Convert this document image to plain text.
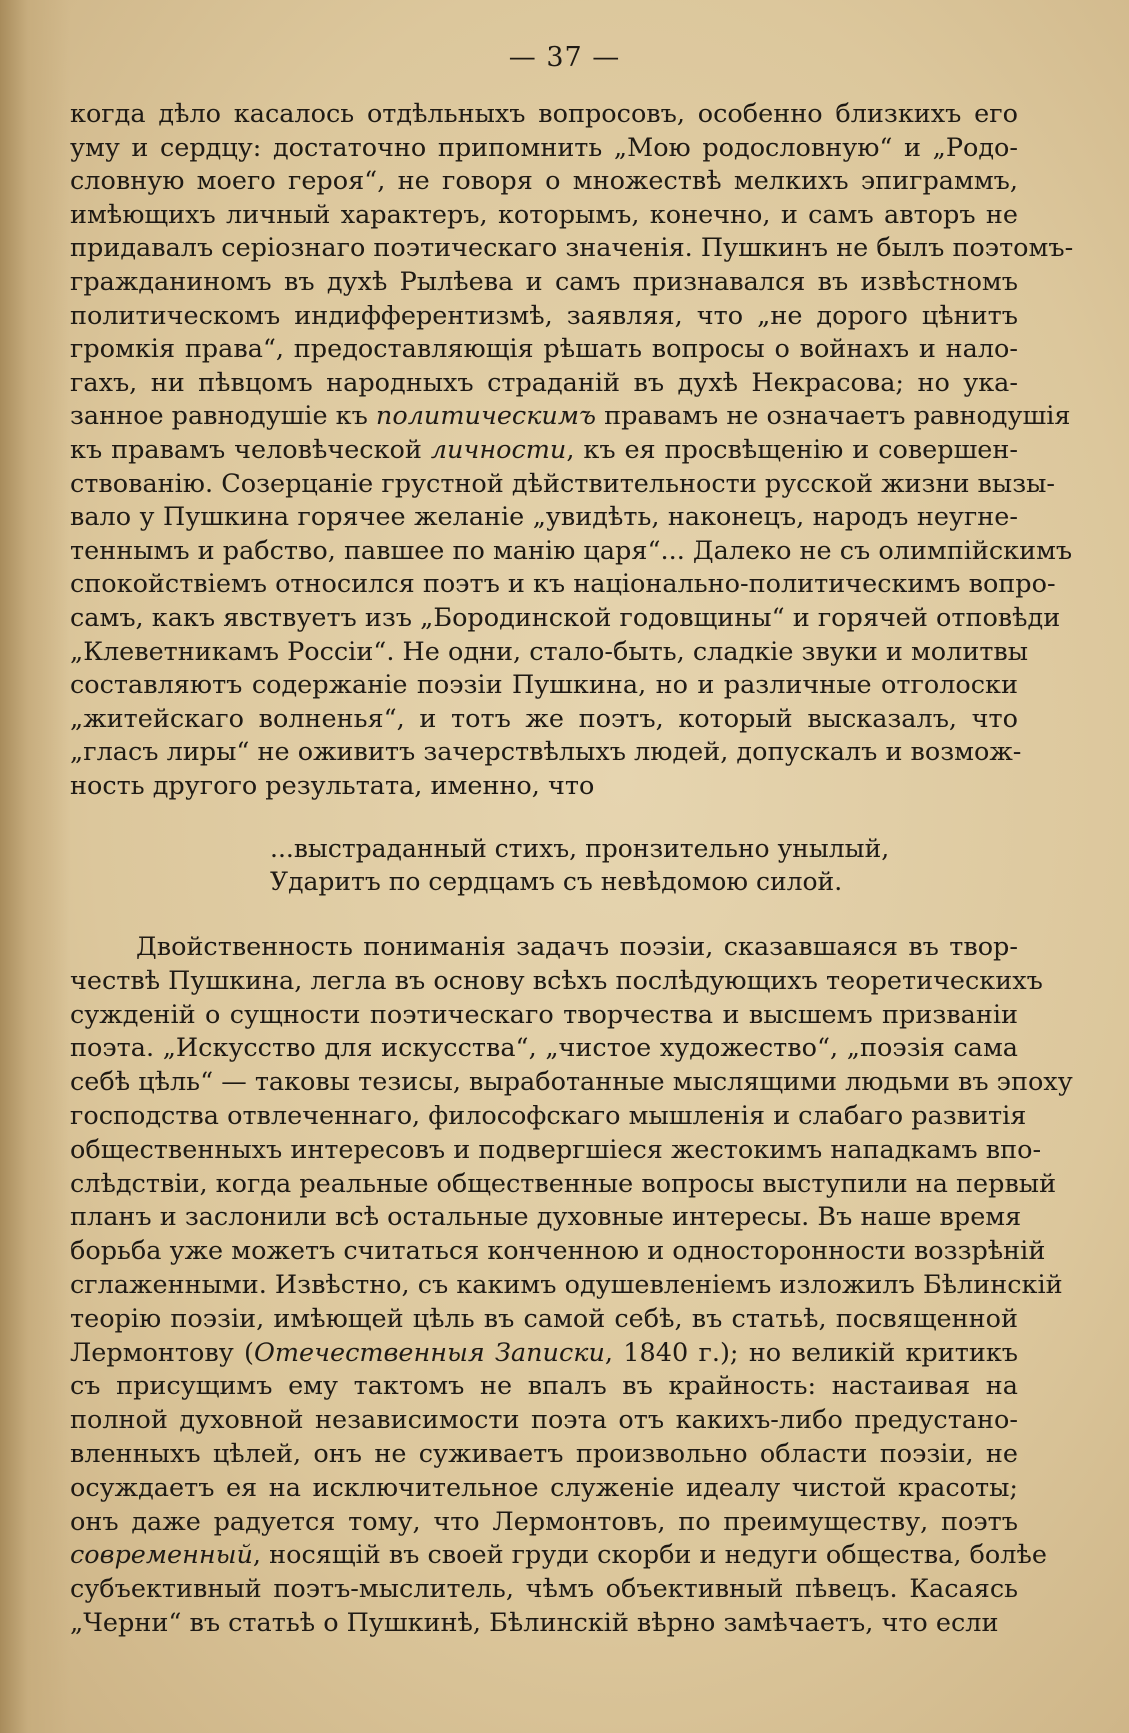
— 37 —
когда дѣло касалось отдѣльныхъ вопросовъ, особенно близкихъ его
уму и сердцу: достаточно припомнить „Мою родословную“ и „Родо-
словную моего героя“, не говоря о множествѣ мелкихъ эпиграммъ,
имѣющихъ личный характеръ, которымъ, конечно, и самъ авторъ не
придавалъ серіознаго поэтическаго значенія. Пушкинъ не былъ поэтомъ-
гражданиномъ въ духѣ Рылѣева и самъ признавался въ извѣстномъ
политическомъ индифферентизмѣ, заявляя, что „не дорого цѣнитъ
громкія права“, предоставляющія рѣшать вопросы о войнахъ и нало-
гахъ, ни пѣвцомъ народныхъ страданій въ духѣ Некрасова; но ука-
занное равнодушіе къ политическимъ правамъ не означаетъ равнодушія
къ правамъ человѣческой личности, къ ея просвѣщенію и совершен-
ствованію. Созерцаніе грустной дѣйствительности русской жизни вызы-
вало у Пушкина горячее желаніе „увидѣть, наконецъ, народъ неугне-
теннымъ и рабство, павшее по манію царя“... Далеко не съ олимпійскимъ
спокойствіемъ относился поэтъ и къ національно-политическимъ вопро-
самъ, какъ явствуетъ изъ „Бородинской годовщины“ и горячей отповѣди
„Клеветникамъ Россіи“. Не одни, стало-быть, сладкіе звуки и молитвы
составляютъ содержаніе поэзіи Пушкина, но и различные отголоски
„житейскаго волненья“, и тотъ же поэтъ, который высказалъ, что
„гласъ лиры“ не оживитъ зачерствѣлыхъ людей, допускалъ и возмож-
ность другого результата, именно, что
...выстраданный стихъ, пронзительно унылый,
Ударитъ по сердцамъ съ невѣдомою силой.
Двойственность пониманія задачъ поэзіи, сказавшаяся въ твор-
чествѣ Пушкина, легла въ основу всѣхъ послѣдующихъ теоретическихъ
сужденій о сущности поэтическаго творчества и высшемъ призваніи
поэта. „Искусство для искусства“, „чистое художество“, „поэзія сама
себѣ цѣль“ — таковы тезисы, выработанные мыслящими людьми въ эпоху
господства отвлеченнаго, философскаго мышленія и слабаго развитія
общественныхъ интересовъ и подвергшіеся жестокимъ нападкамъ впо-
слѣдствіи, когда реальные общественные вопросы выступили на первый
планъ и заслонили всѣ остальные духовные интересы. Въ наше время
борьба уже можетъ считаться конченною и односторонности воззрѣній
сглаженными. Извѣстно, съ какимъ одушевленіемъ изложилъ Бѣлинскій
теорію поэзіи, имѣющей цѣль въ самой себѣ, въ статьѣ, посвященной
Лермонтову (Отечественныя Записки, 1840 г.); но великій критикъ
съ присущимъ ему тактомъ не впалъ въ крайность: настаивая на
полной духовной независимости поэта отъ какихъ-либо предустано-
вленныхъ цѣлей, онъ не суживаетъ произвольно области поэзіи, не
осуждаетъ ея на исключительное служеніе идеалу чистой красоты;
онъ даже радуется тому, что Лермонтовъ, по преимуществу, поэтъ
современный, носящій въ своей груди скорби и недуги общества, болѣе
субъективный поэтъ-мыслитель, чѣмъ объективный пѣвецъ. Касаясь
„Черни“ въ статьѣ о Пушкинѣ, Бѣлинскій вѣрно замѣчаетъ, что если
